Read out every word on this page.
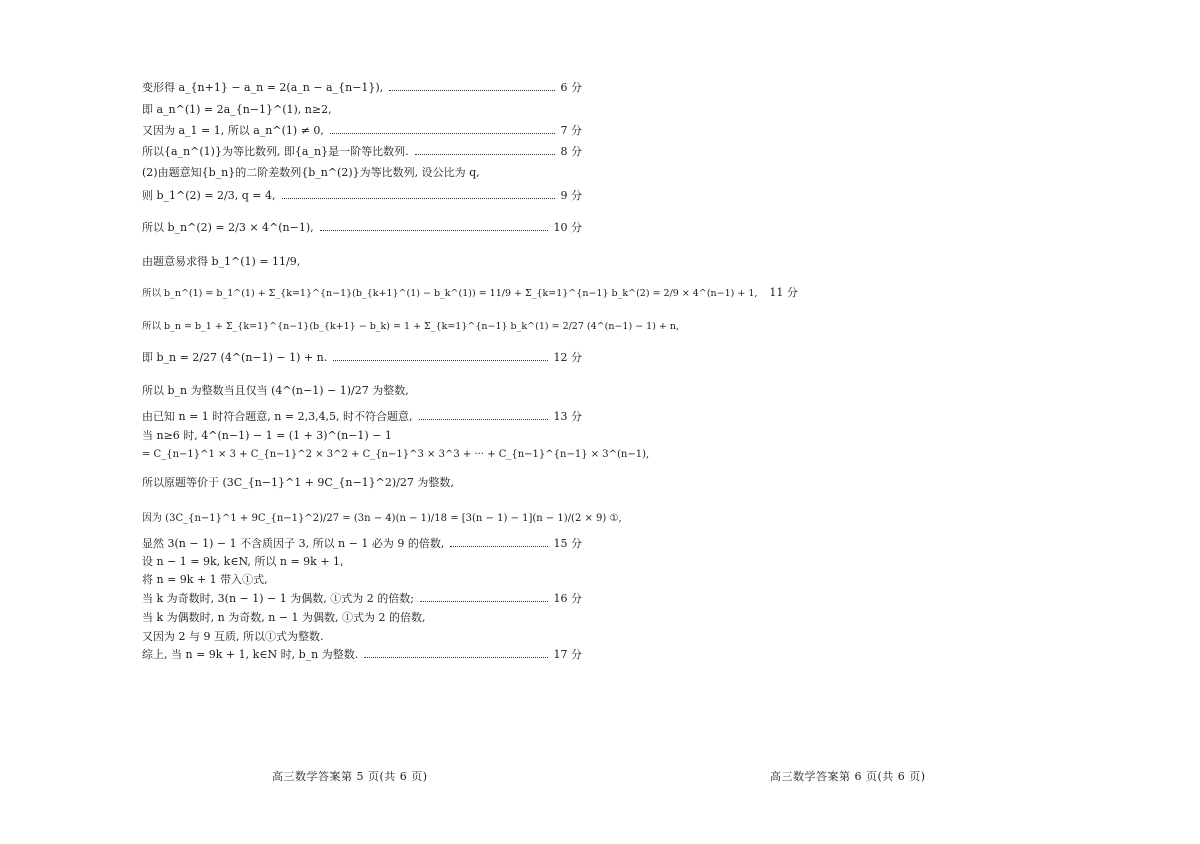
变形得 a_{n+1} − a_n = 2(a_n − a_{n−1}),	6 分
即 a_n^(1) = 2a_{n−1}^(1), n≥2,
又因为 a_1 = 1, 所以 a_n^(1) ≠ 0,	7 分
所以{a_n^(1)}为等比数列, 即{a_n}是一阶等比数列.	8 分
(2)由题意知{b_n}的二阶差数列{b_n^(2)}为等比数列, 设公比为 q,
则 b_1^(2) = 2/3, q = 4,	9 分
所以 b_n^(2) = 2/3 × 4^(n−1),	10 分
由题意易求得 b_1^(1) = 11/9,
所以 b_n^(1) = b_1^(1) + Σ_{k=1}^{n−1}(b_{k+1}^(1) − b_k^(1)) = 11/9 + Σ_{k=1}^{n−1} b_k^(2) = 2/9 × 4^(n−1) + 1, 11 分
所以 b_n = b_1 + Σ_{k=1}^{n−1}(b_{k+1} − b_k) = 1 + Σ_{k=1}^{n−1} b_k^(1) = 2/27 (4^(n−1) − 1) + n,
即 b_n = 2/27 (4^(n−1) − 1) + n.	12 分
所以 b_n 为整数当且仅当 (4^(n−1) − 1)/27 为整数,
由已知 n = 1 时符合题意, n = 2,3,4,5, 时不符合题意,	13 分
当 n≥6 时, 4^(n−1) − 1 = (1 + 3)^(n−1) − 1
= C_{n−1}^1 × 3 + C_{n−1}^2 × 3^2 + C_{n−1}^3 × 3^3 + ··· + C_{n−1}^{n−1} × 3^(n−1),
所以原题等价于 (3C_{n−1}^1 + 9C_{n−1}^2)/27 为整数,
因为 (3C_{n−1}^1 + 9C_{n−1}^2)/27 = (3n − 4)(n − 1)/18 = [3(n − 1) − 1](n − 1)/(2 × 9) ①,
显然 3(n − 1) − 1 不含质因子 3, 所以 n − 1 必为 9 的倍数,	15 分
设 n − 1 = 9k, k∈N, 所以 n = 9k + 1,
将 n = 9k + 1 带入①式,
当 k 为奇数时, 3(n − 1) − 1 为偶数, ①式为 2 的倍数;	16 分
当 k 为偶数时, n 为奇数, n − 1 为偶数, ①式为 2 的倍数,
又因为 2 与 9 互质, 所以①式为整数.
综上, 当 n = 9k + 1, k∈N 时, b_n 为整数.	17 分
高三数学答案第 5 页(共 6 页)	高三数学答案第 6 页(共 6 页)
